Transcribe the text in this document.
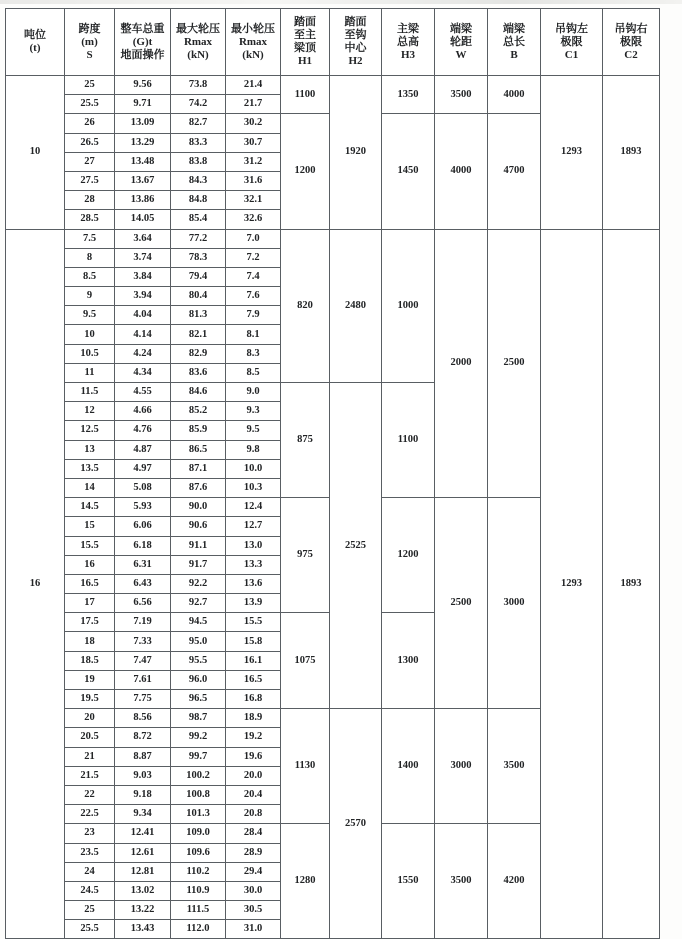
吨位
(t)

跨度
(m)
S

整车总重
(G)t
地面操作

最大轮压
Rmax
(kN)

最小轮压
Rmax
(kN)

踏面
至主
梁顶
H1

踏面
至钩
中心
H2

主梁
总高
H3

端梁
轮距
W

端梁
总长
B

吊钩左
极限
C1

吊钩右
极限
C2

10	25	9.56	73.8	21.4	1100	1920	1350	3500	4000	1293	1893
	25.5	9.71	74.2	21.7							
	26	13.09	82.7	30.2	1200		1450	4000	4700		
	26.5	13.29	83.3	30.7							
	27	13.48	83.8	31.2							
	27.5	13.67	84.3	31.6							
	28	13.86	84.8	32.1							
	28.5	14.05	85.4	32.6							
16	7.5	3.64	77.2	7.0	820	2480	1000	2000	2500	1293	1893
	8	3.74	78.3	7.2							
	8.5	3.84	79.4	7.4							
	9	3.94	80.4	7.6							
	9.5	4.04	81.3	7.9							
	10	4.14	82.1	8.1							
	10.5	4.24	82.9	8.3							
	11	4.34	83.6	8.5							
	11.5	4.55	84.6	9.0	875	2525	1100				
	12	4.66	85.2	9.3							
	12.5	4.76	85.9	9.5							
	13	4.87	86.5	9.8							
	13.5	4.97	87.1	10.0							
	14	5.08	87.6	10.3							
	14.5	5.93	90.0	12.4	975		1200	2500	3000		
	15	6.06	90.6	12.7							
	15.5	6.18	91.1	13.0							
	16	6.31	91.7	13.3							
	16.5	6.43	92.2	13.6							
	17	6.56	92.7	13.9							
	17.5	7.19	94.5	15.5	1075		1300				
	18	7.33	95.0	15.8							
	18.5	7.47	95.5	16.1							
	19	7.61	96.0	16.5							
	19.5	7.75	96.5	16.8							
	20	8.56	98.7	18.9	1130	2570	1400	3000	3500		
	20.5	8.72	99.2	19.2							
	21	8.87	99.7	19.6							
	21.5	9.03	100.2	20.0							
	22	9.18	100.8	20.4							
	22.5	9.34	101.3	20.8							
	23	12.41	109.0	28.4	1280		1550	3500	4200		
	23.5	12.61	109.6	28.9							
	24	12.81	110.2	29.4							
	24.5	13.02	110.9	30.0							
	25	13.22	111.5	30.5							
	25.5	13.43	112.0	31.0							
